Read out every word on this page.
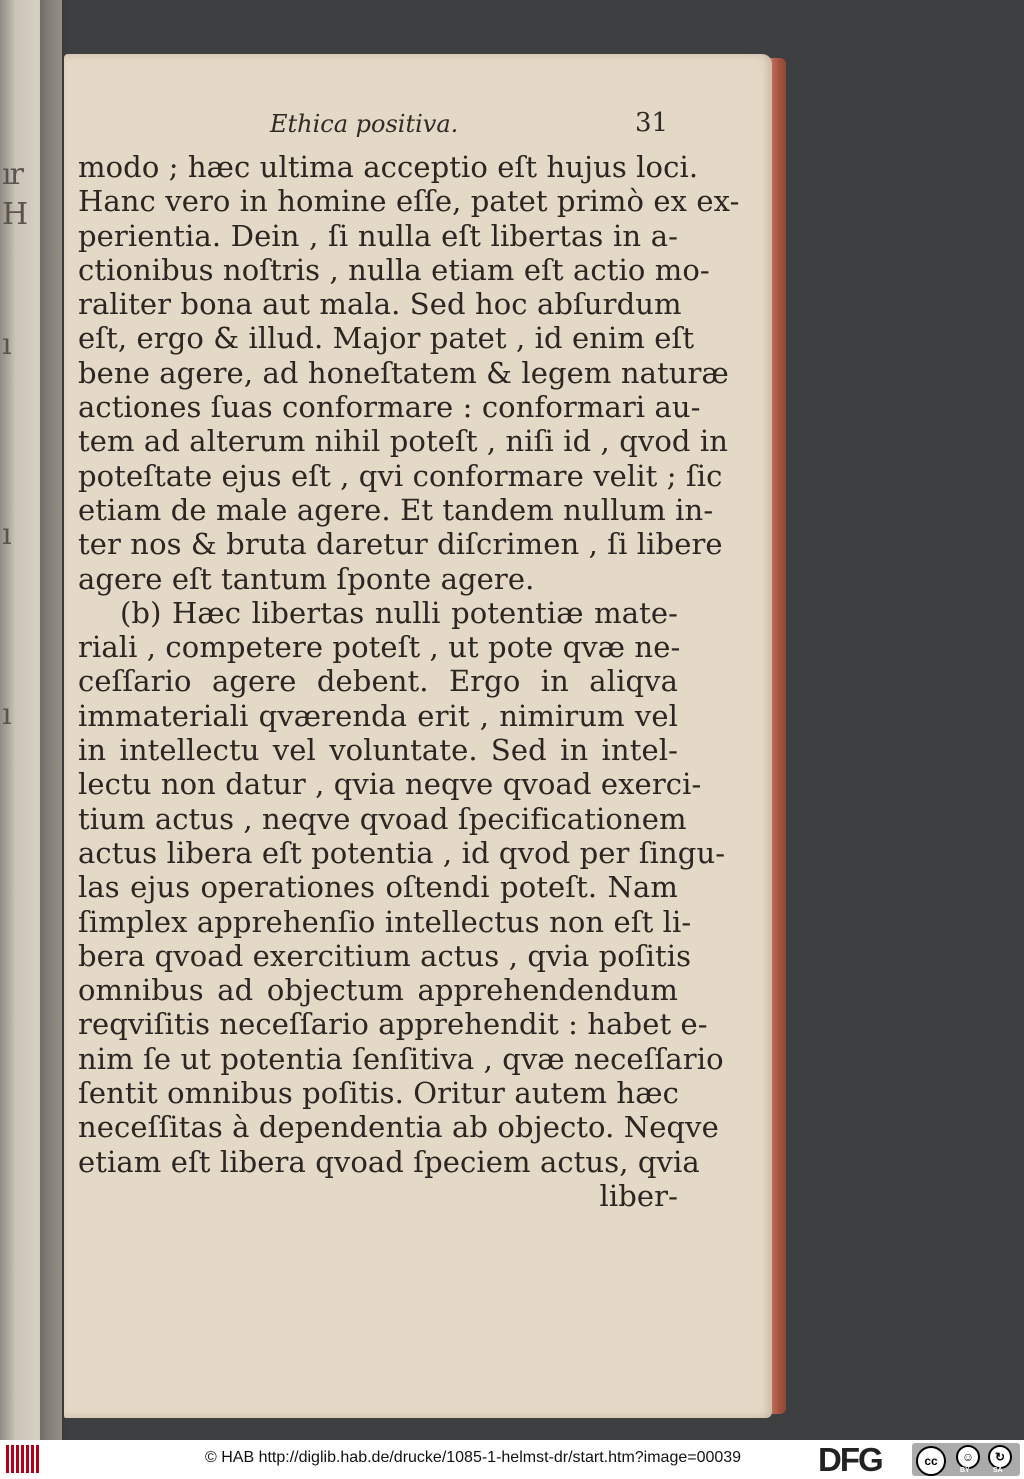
ır
H
ı
ı
ı
Ethica positiva.	31
modo ; hæc ultima acceptio eſt hujus loci.
Hanc vero in homine eſſe, patet primò ex ex-
perientia. Dein , ſi nulla eſt libertas in a-
ctionibus noſtris , nulla etiam eſt actio mo-
raliter bona aut mala. Sed hoc abſurdum
eſt, ergo & illud. Major patet , id enim eſt
bene agere, ad honeſtatem & legem naturæ
actiones ſuas conformare : conformari au-
tem ad alterum nihil poteſt , niſi id , qvod in
poteſtate ejus eſt , qvi conformare velit ; ſic
etiam de male agere. Et tandem nullum in-
ter nos & bruta daretur diſcrimen , ſi libere
agere eſt tantum ſponte agere.
(b) Hæc libertas nulli potentiæ mate-
riali , competere poteſt , ut pote qvæ ne-
ceſſario agere debent. Ergo in aliqva
immateriali qværenda erit , nimirum vel
in intellectu vel voluntate. Sed in intel-
lectu non datur , qvia neqve qvoad exerci-
tium actus , neqve qvoad ſpecificationem
actus libera eſt potentia , id qvod per ſingu-
las ejus operationes oſtendi poteſt. Nam
ſimplex apprehenſio intellectus non eſt li-
bera qvoad exercitium actus , qvia poſitis
omnibus ad objectum apprehendendum
reqviſitis neceſſario apprehendit : habet e-
nim ſe ut potentia ſenſitiva , qvæ neceſſario
ſentit omnibus poſitis. Oritur autem hæc
neceſſitas à dependentia ab objecto. Neqve
etiam eſt libera qvoad ſpeciem actus, qvia
liber-
© HAB http://diglib.hab.de/drucke/1085-1-helmst-dr/start.htm?image=00039 DFG	cc	☺	↻
BY	SA
